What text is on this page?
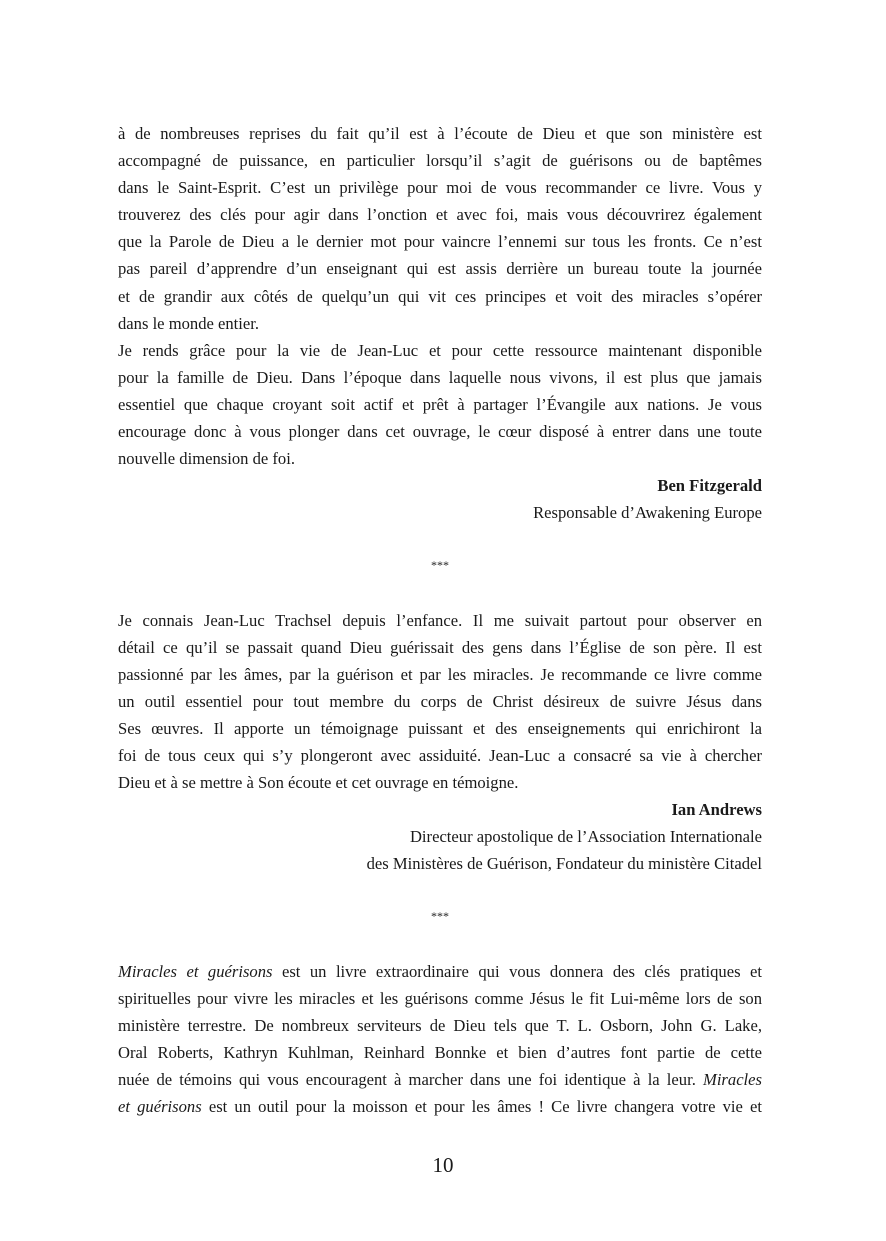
à de nombreuses reprises du fait qu’il est à l’écoute de Dieu et que son ministère est
accompagné de puissance, en particulier lorsqu’il s’agit de guérisons ou de baptêmes
dans le Saint-Esprit. C’est un privilège pour moi de vous recommander ce livre. Vous y
trouverez des clés pour agir dans l’onction et avec foi, mais vous découvrirez également
que la Parole de Dieu a le dernier mot pour vaincre l’ennemi sur tous les fronts. Ce n’est
pas pareil d’apprendre d’un enseignant qui est assis derrière un bureau toute la journée
et de grandir aux côtés de quelqu’un qui vit ces principes et voit des miracles s’opérer
dans le monde entier.
Je rends grâce pour la vie de Jean-Luc et pour cette ressource maintenant disponible
pour la famille de Dieu. Dans l’époque dans laquelle nous vivons, il est plus que jamais
essentiel que chaque croyant soit actif et prêt à partager l’Évangile aux nations. Je vous
encourage donc à vous plonger dans cet ouvrage, le cœur disposé à entrer dans une toute
nouvelle dimension de foi.
Ben Fitzgerald
Responsable d’Awakening Europe
***
Je connais Jean-Luc Trachsel depuis l’enfance. Il me suivait partout pour observer en
détail ce qu’il se passait quand Dieu guérissait des gens dans l’Église de son père. Il est
passionné par les âmes, par la guérison et par les miracles. Je recommande ce livre comme
un outil essentiel pour tout membre du corps de Christ désireux de suivre Jésus dans
Ses œuvres. Il apporte un témoignage puissant et des enseignements qui enrichiront la
foi de tous ceux qui s’y plongeront avec assiduité. Jean-Luc a consacré sa vie à chercher
Dieu et à se mettre à Son écoute et cet ouvrage en témoigne.
Ian Andrews
Directeur apostolique de l’Association Internationale
des Ministères de Guérison, Fondateur du ministère Citadel
***
Miracles et guérisons est un livre extraordinaire qui vous donnera des clés pratiques et
spirituelles pour vivre les miracles et les guérisons comme Jésus le fit Lui-même lors de son
ministère terrestre. De nombreux serviteurs de Dieu tels que T. L. Osborn, John G. Lake,
Oral Roberts, Kathryn Kuhlman, Reinhard Bonnke et bien d’autres font partie de cette
nuée de témoins qui vous encouragent à marcher dans une foi identique à la leur. Miracles
et guérisons est un outil pour la moisson et pour les âmes ! Ce livre changera votre vie et
10
